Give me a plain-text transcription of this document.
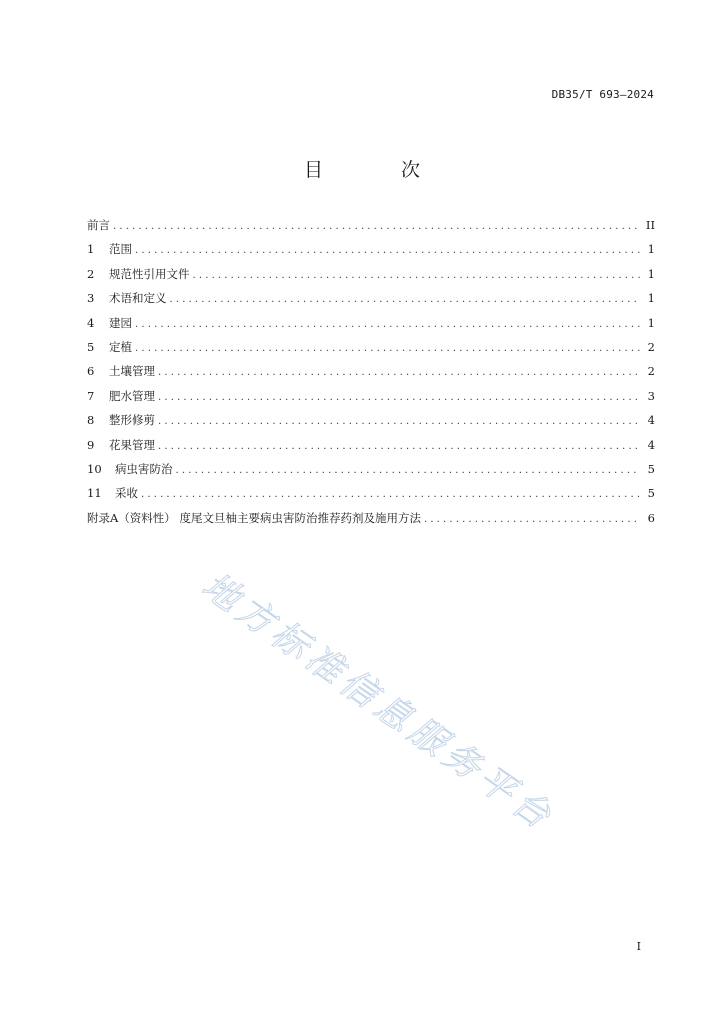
DB35/T 693—2024
目 次
前言 . . .	II
1	范围 . . .	1
2	规范性引用文件 . . .	1
3	术语和定义 . . .	1
4	建园 . . .	1
5	定植 . . .	2
6	土壤管理 . . .	2
7	肥水管理 . . .	3
8	整形修剪 . . .	4
9	花果管理 . . .	4
10	病虫害防治 . . .	5
11	采收 . . .	5
附录A（资料性） 度尾文旦柚主要病虫害防治推荐药剂及施用方法 . . .	6
地方标准信息服务平台
I
